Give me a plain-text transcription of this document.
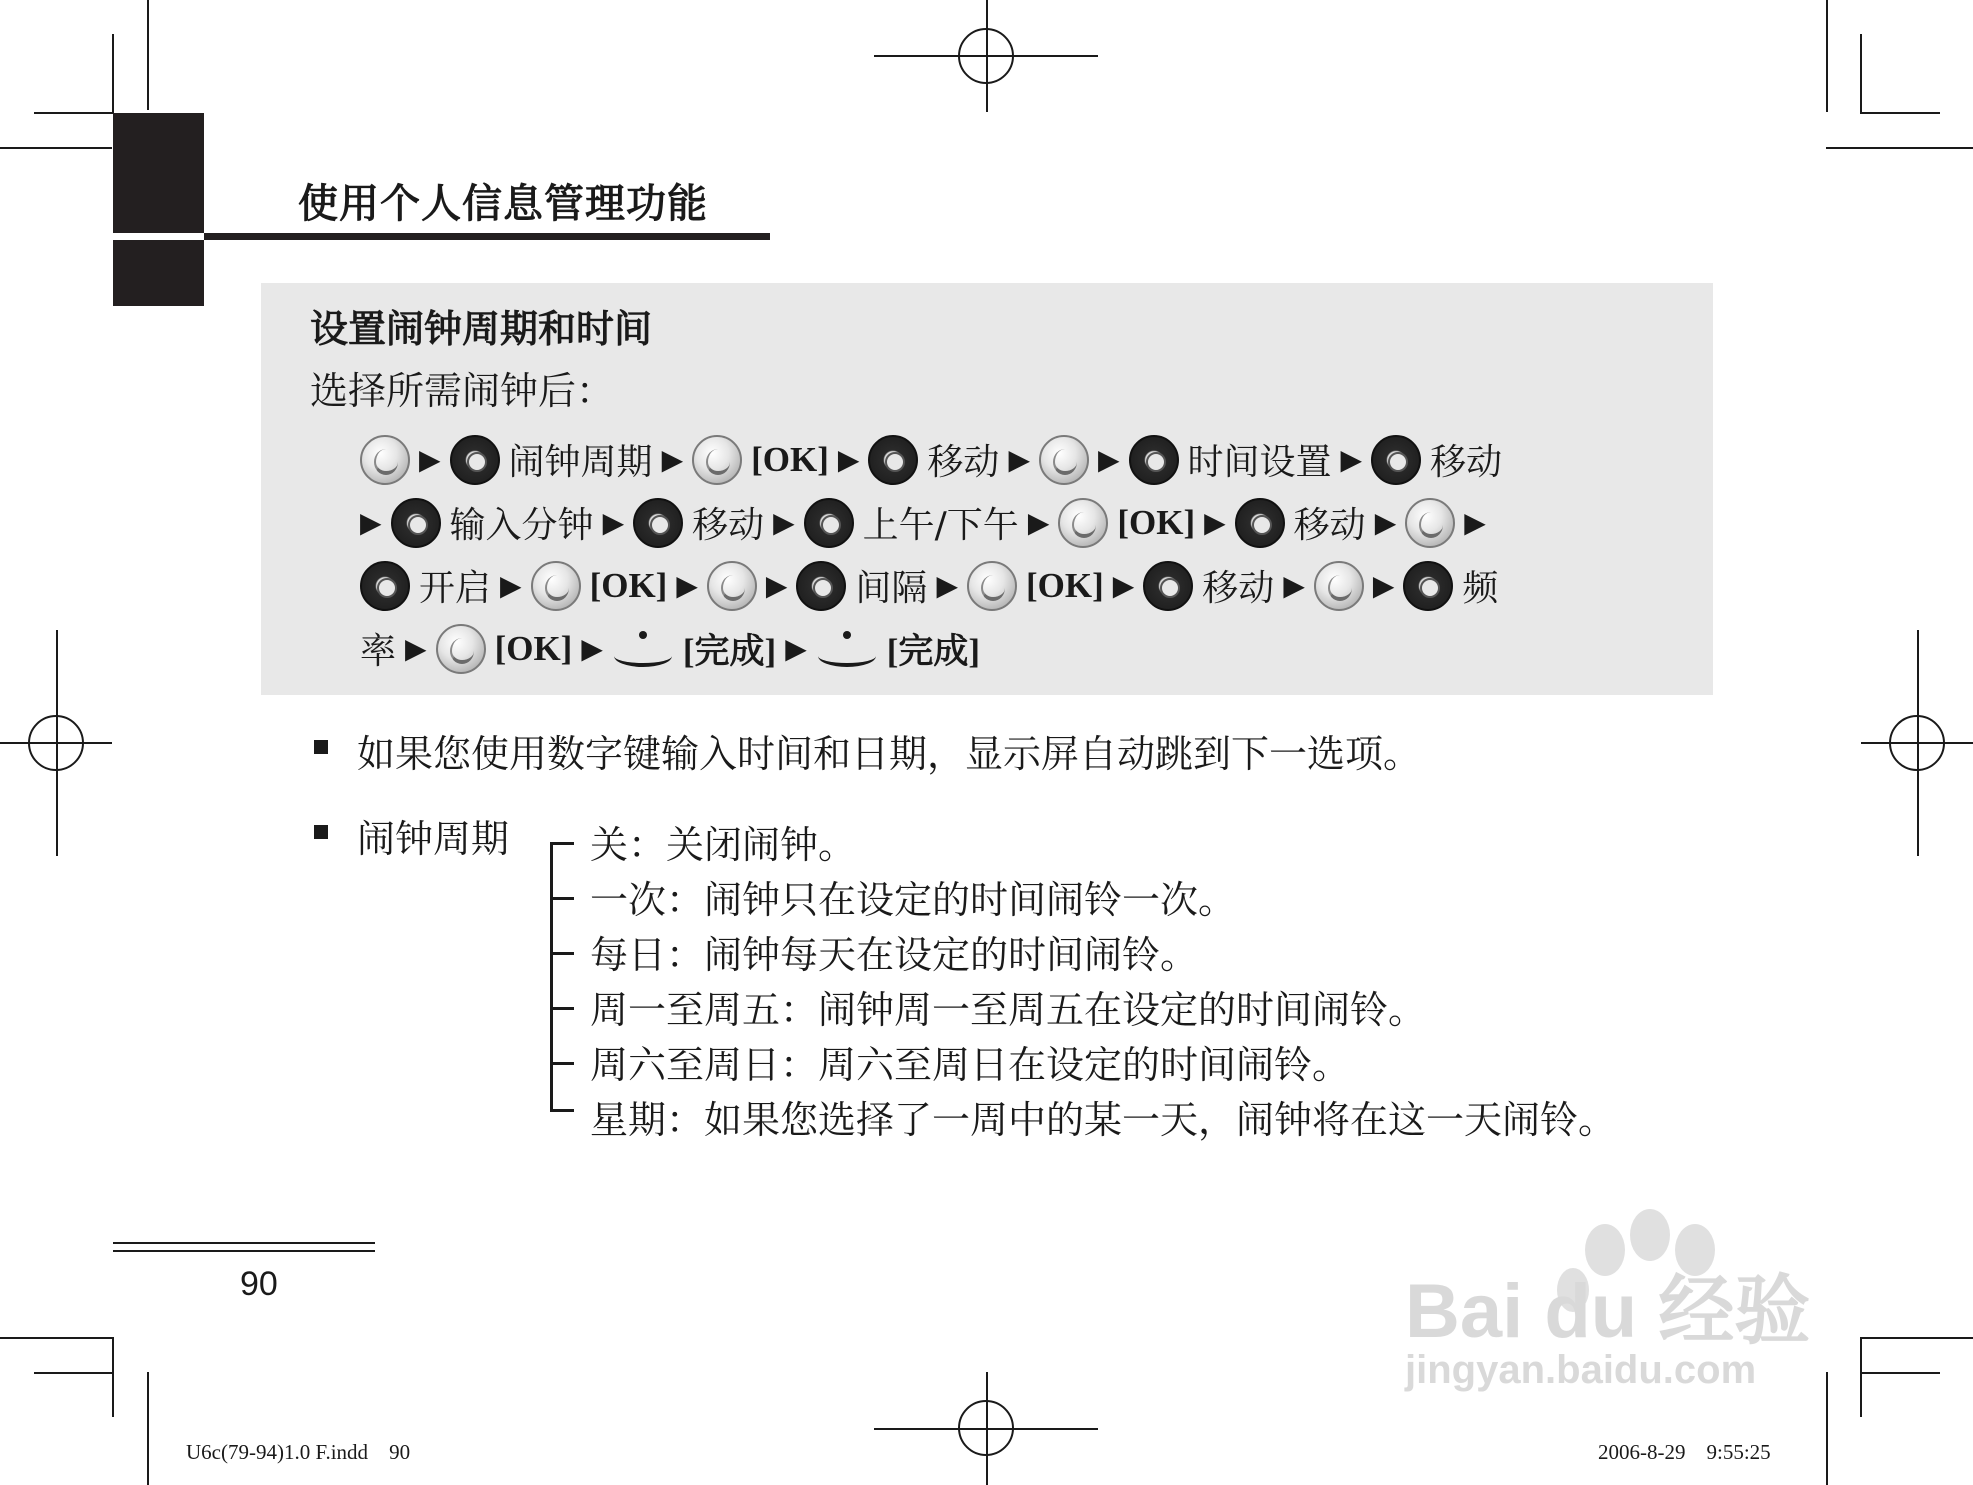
使用个人信息管理功能
设置闹钟周期和时间
选择所需闹钟后：
▶ 闹钟周期 ▶ [OK] ▶ 移动 ▶ ▶ 时间设置 ▶ 移动
▶ 输入分钟 ▶ 移动 ▶ 上午/下午 ▶ [OK] ▶ 移动 ▶ ▶
开启 ▶ [OK] ▶ ▶ 间隔 ▶ [OK] ▶ 移动 ▶ ▶ 频
率 ▶ [OK] ▶ [完成] ▶ [完成]
如果您使用数字键输入时间和日期，显示屏自动跳到下一选项。
闹钟周期 关：关闭闹钟。
一次：闹钟只在设定的时间闹铃一次。
每日：闹钟每天在设定的时间闹铃。
周一至周五：闹钟周一至周五在设定的时间闹铃。
周六至周日：周六至周日在设定的时间闹铃。
星期：如果您选择了一周中的某一天，闹钟将在这一天闹铃。
90
U6c(79-94)1.0 F.indd 90	2006-8-29 9:55:25
Bai du 经验
jingyan.baidu.com
